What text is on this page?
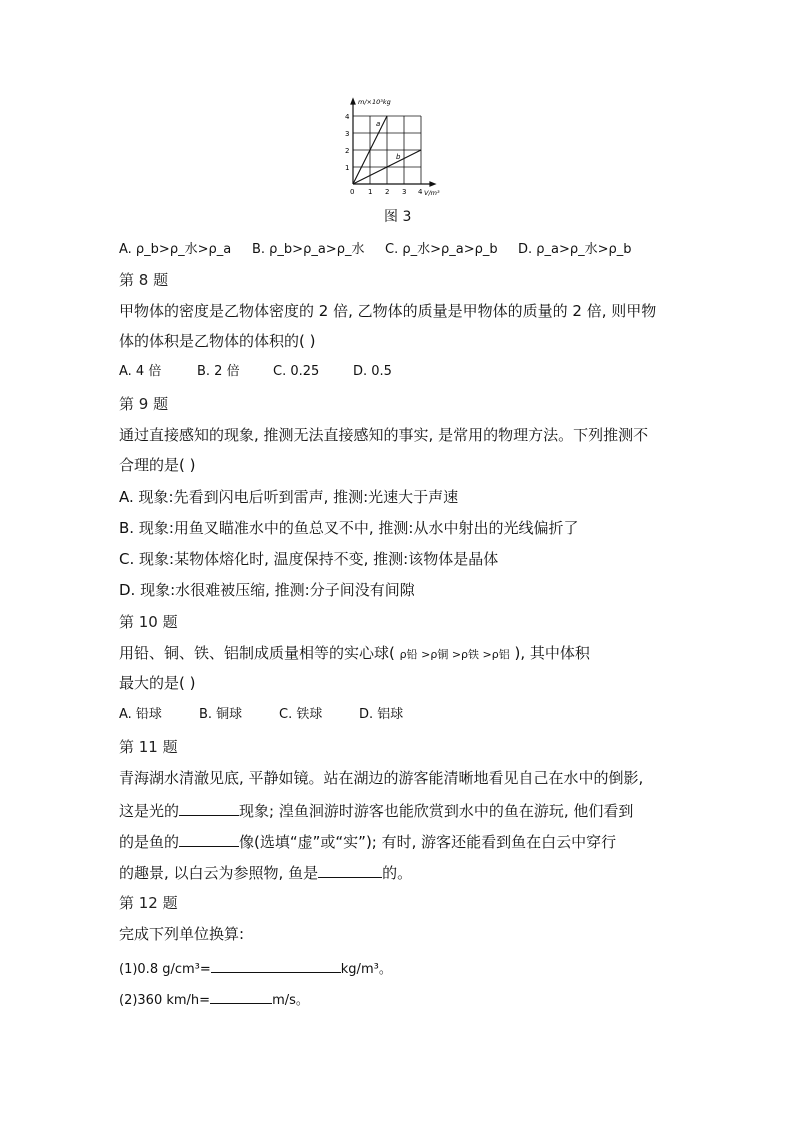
m/×10³kg
V/m³
a
b
1
2
3
4
0 1 2 3 4
图 3
A. ρ_b>ρ_水>ρ_a B. ρ_b>ρ_a>ρ_水 C. ρ_水>ρ_a>ρ_b D. ρ_a>ρ_水>ρ_b
第 8 题
甲物体的密度是乙物体密度的 2 倍, 乙物体的质量是甲物体的质量的 2 倍, 则甲物
体的体积是乙物体的体积的( )
A. 4 倍	B. 2 倍	C. 0.25	D. 0.5
第 9 题
通过直接感知的现象, 推测无法直接感知的事实, 是常用的物理方法。下列推测不
合理的是( )
A. 现象:先看到闪电后听到雷声, 推测:光速大于声速
B. 现象:用鱼叉瞄准水中的鱼总叉不中, 推测:从水中射出的光线偏折了
C. 现象:某物体熔化时, 温度保持不变, 推测:该物体是晶体
D. 现象:水很难被压缩, 推测:分子间没有间隙
第 10 题
用铅、铜、铁、铝制成质量相等的实心球( ρ铅 >ρ铜 >ρ铁 >ρ铝 ), 其中体积
最大的是( )
A. 铅球	B. 铜球	C. 铁球	D. 铝球
第 11 题
青海湖水清澈见底, 平静如镜。站在湖边的游客能清晰地看见自己在水中的倒影,
这是光的	现象; 湟鱼洄游时游客也能欣赏到水中的鱼在游玩, 他们看到
的是鱼的	像(选填“虚”或“实”); 有时, 游客还能看到鱼在白云中穿行
的趣景, 以白云为参照物, 鱼是	的。
第 12 题
完成下列单位换算:
(1)0.8 g/cm³=	kg/m³。
(2)360 km/h=	m/s。
